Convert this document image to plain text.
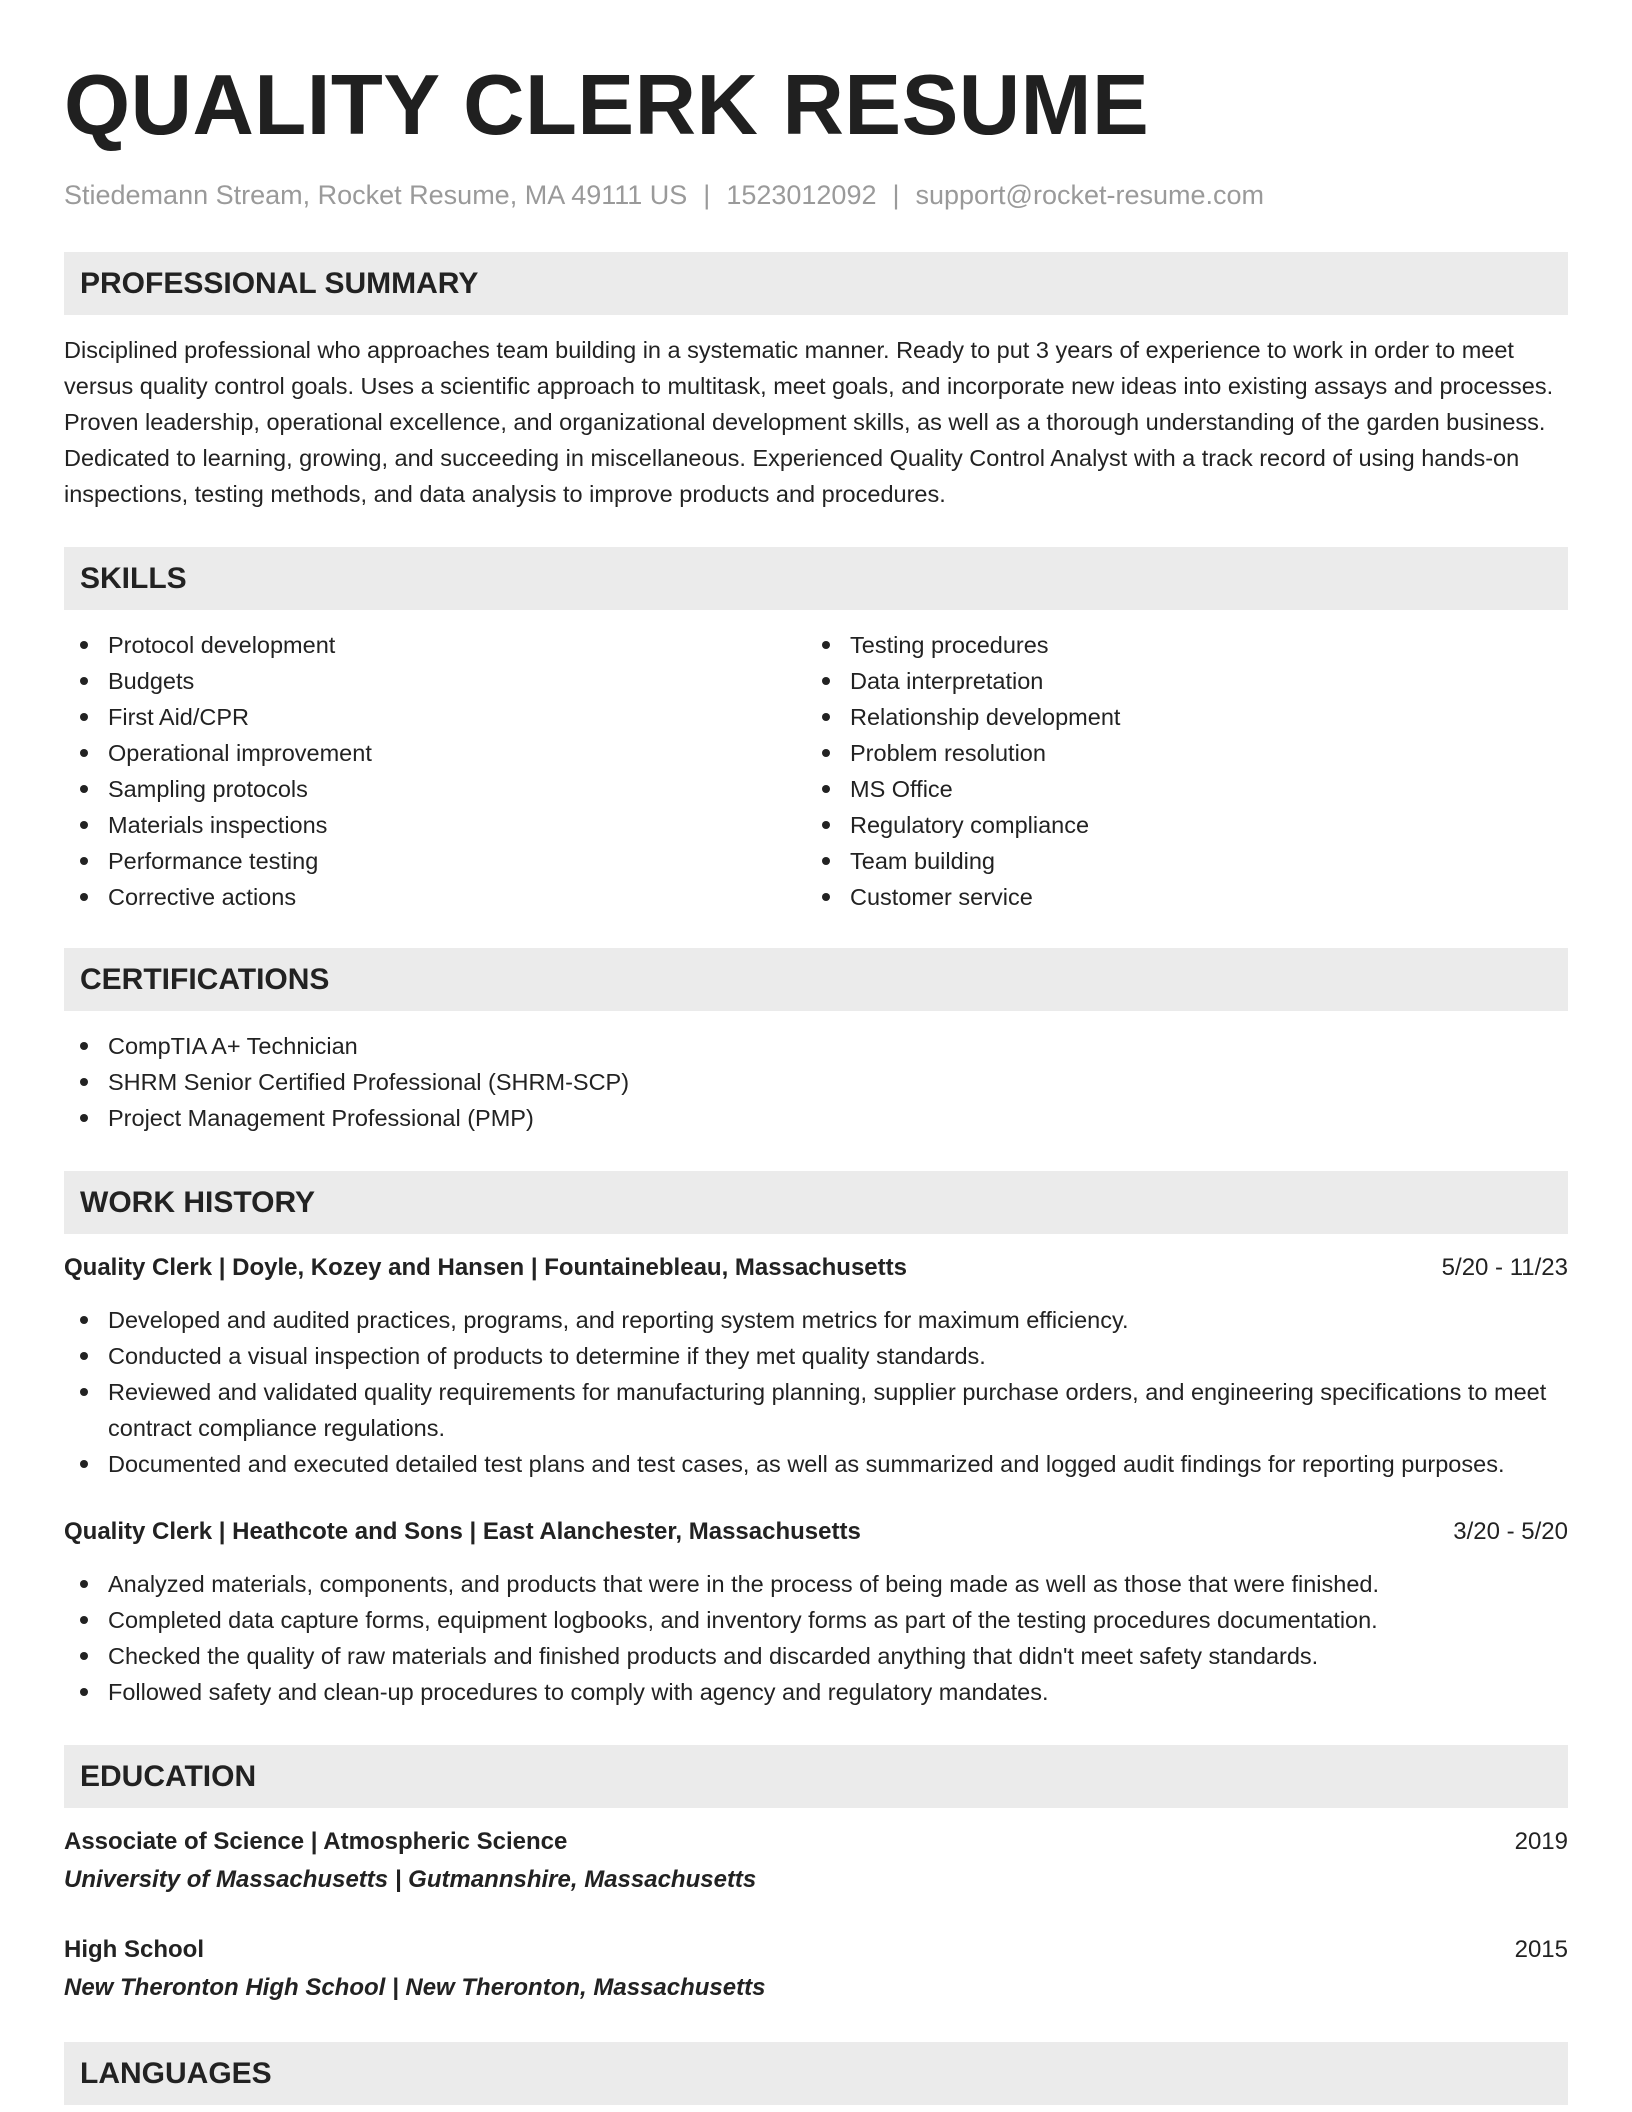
QUALITY CLERK RESUME
Stiedemann Stream, Rocket Resume, MA 49111 US | 1523012092 | support@rocket-resume.com
PROFESSIONAL SUMMARY

Disciplined professional who approaches team building in a systematic manner. Ready to put 3 years of experience to work in order to meet versus quality control goals. Uses a scientific approach to multitask, meet goals, and incorporate new ideas into existing assays and processes. Proven leadership, operational excellence, and organizational development skills, as well as a thorough understanding of the garden business. Dedicated to learning, growing, and succeeding in miscellaneous. Experienced Quality Control Analyst with a track record of using hands-on inspections, testing methods, and data analysis to improve products and procedures.

SKILLS
Protocol development
Budgets
First Aid/CPR
Operational improvement
Sampling protocols
Materials inspections
Performance testing
Corrective actions
Testing procedures
Data interpretation
Relationship development
Problem resolution
MS Office
Regulatory compliance
Team building
Customer service
CERTIFICATIONS
CompTIA A+ Technician
SHRM Senior Certified Professional (SHRM-SCP)
Project Management Professional (PMP)
WORK HISTORY
Quality Clerk | Doyle, Kozey and Hansen | Fountainebleau, Massachusetts	5/20 - 11/23
Developed and audited practices, programs, and reporting system metrics for maximum efficiency.
Conducted a visual inspection of products to determine if they met quality standards.
Reviewed and validated quality requirements for manufacturing planning, supplier purchase orders, and engineering specifications to meet contract compliance regulations.
Documented and executed detailed test plans and test cases, as well as summarized and logged audit findings for reporting purposes.
Quality Clerk | Heathcote and Sons | East Alanchester, Massachusetts	3/20 - 5/20
Analyzed materials, components, and products that were in the process of being made as well as those that were finished.
Completed data capture forms, equipment logbooks, and inventory forms as part of the testing procedures documentation.
Checked the quality of raw materials and finished products and discarded anything that didn't meet safety standards.
Followed safety and clean-up procedures to comply with agency and regulatory mandates.
EDUCATION
Associate of Science | Atmospheric Science	2019
University of Massachusetts | Gutmannshire, Massachusetts
High School	2015
New Theronton High School | New Theronton, Massachusetts
LANGUAGES
